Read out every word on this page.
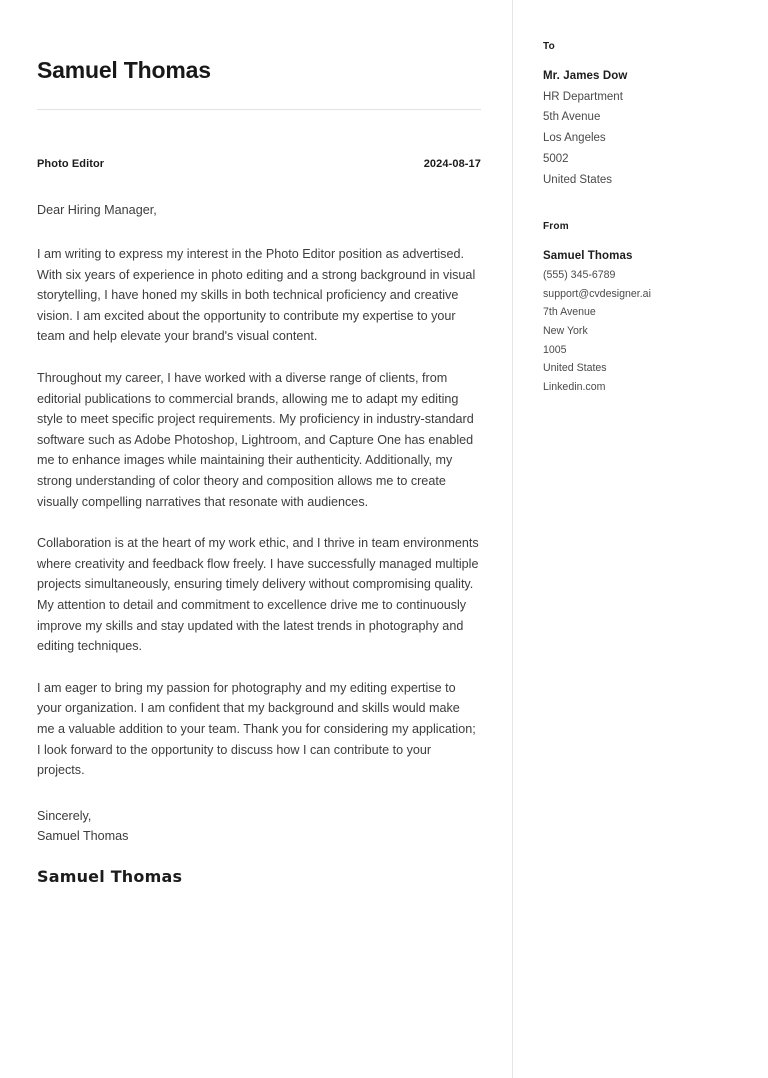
Samuel Thomas
Photo Editor	2024-08-17

Dear Hiring Manager,

I am writing to express my interest in the Photo Editor position as advertised. With six years of experience in photo editing and a strong background in visual storytelling, I have honed my skills in both technical proficiency and creative vision. I am excited about the opportunity to contribute my expertise to your team and help elevate your brand's visual content.

Throughout my career, I have worked with a diverse range of clients, from editorial publications to commercial brands, allowing me to adapt my editing style to meet specific project requirements. My proficiency in industry-standard software such as Adobe Photoshop, Lightroom, and Capture One has enabled me to enhance images while maintaining their authenticity. Additionally, my strong understanding of color theory and composition allows me to create visually compelling narratives that resonate with audiences.

Collaboration is at the heart of my work ethic, and I thrive in team environments where creativity and feedback flow freely. I have successfully managed multiple projects simultaneously, ensuring timely delivery without compromising quality. My attention to detail and commitment to excellence drive me to continuously improve my skills and stay updated with the latest trends in photography and editing techniques.

I am eager to bring my passion for photography and my editing expertise to your organization. I am confident that my background and skills would make me a valuable addition to your team. Thank you for considering my application; I look forward to the opportunity to discuss how I can contribute to your projects.

Sincerely,
Samuel Thomas
Samuel Thomas
To
Mr. James Dow
HR Department
5th Avenue
Los Angeles
5002
United States
From
Samuel Thomas
(555) 345-6789
support@cvdesigner.ai
7th Avenue
New York
1005
United States
Linkedin.com
